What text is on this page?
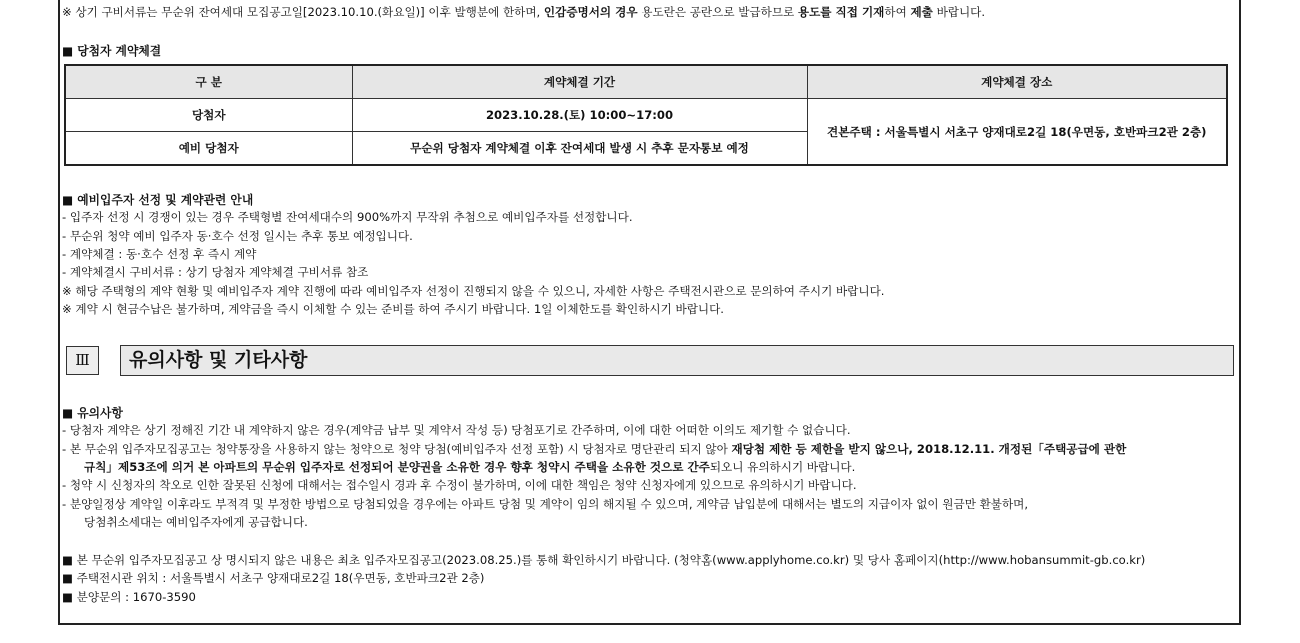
※ 상기 구비서류는 무순위 잔여세대 모집공고일[2023.10.10.(화요일)] 이후 발행분에 한하며, 인감증명서의 경우 용도란은 공란으로 발급하므로 용도를 직접 기재하여 제출 바랍니다.
■ 당첨자 계약체결
구 분	계약체결 기간	계약체결 장소
당첨자	2023.10.28.(토) 10:00~17:00	견본주택 : 서울특별시 서초구 양재대로2길 18(우면동, 호반파크2관 2층)
예비 당첨자	무순위 당첨자 계약체결 이후 잔여세대 발생 시 추후 문자통보 예정	
■ 예비입주자 선정 및 계약관련 안내
- 입주자 선정 시 경쟁이 있는 경우 주택형별 잔여세대수의 900%까지 무작위 추첨으로 예비입주자를 선정합니다.
- 무순위 청약 예비 입주자 동·호수 선정 일시는 추후 통보 예정입니다.
- 계약체결 : 동·호수 선정 후 즉시 계약
- 계약체결시 구비서류 : 상기 당첨자 계약체결 구비서류 참조
※ 해당 주택형의 계약 현황 및 예비입주자 계약 진행에 따라 예비입주자 선정이 진행되지 않을 수 있으니, 자세한 사항은 주택전시관으로 문의하여 주시기 바랍니다.
※ 계약 시 현금수납은 불가하며, 계약금을 즉시 이체할 수 있는 준비를 하여 주시기 바랍니다. 1일 이체한도를 확인하시기 바랍니다.
Ⅲ	유의사항 및 기타사항
■ 유의사항
- 당첨자 계약은 상기 정해진 기간 내 계약하지 않은 경우(계약금 납부 및 계약서 작성 등) 당첨포기로 간주하며, 이에 대한 어떠한 이의도 제기할 수 없습니다.
- 본 무순위 입주자모집공고는 청약통장을 사용하지 않는 청약으로 청약 당첨(예비입주자 선정 포함) 시 당첨자로 명단관리 되지 않아 재당첨 제한 등 제한을 받지 않으나, 2018.12.11. 개정된「주택공급에 관한
규칙」제53조에 의거 본 아파트의 무순위 입주자로 선정되어 분양권을 소유한 경우 향후 청약시 주택을 소유한 것으로 간주되오니 유의하시기 바랍니다.
- 청약 시 신청자의 착오로 인한 잘못된 신청에 대해서는 접수일시 경과 후 수정이 불가하며, 이에 대한 책임은 청약 신청자에게 있으므로 유의하시기 바랍니다.
- 분양일정상 계약일 이후라도 부적격 및 부정한 방법으로 당첨되었을 경우에는 아파트 당첨 및 계약이 임의 해지될 수 있으며, 계약금 납입분에 대해서는 별도의 지급이자 없이 원금만 환불하며,
당첨취소세대는 예비입주자에게 공급합니다.
■ 본 무순위 입주자모집공고 상 명시되지 않은 내용은 최초 입주자모집공고(2023.08.25.)를 통해 확인하시기 바랍니다. (청약홈(www.applyhome.co.kr) 및 당사 홈페이지(http://www.hobansummit-gb.co.kr)
■ 주택전시관 위치 : 서울특별시 서초구 양재대로2길 18(우면동, 호반파크2관 2층)
■ 분양문의 : 1670-3590
